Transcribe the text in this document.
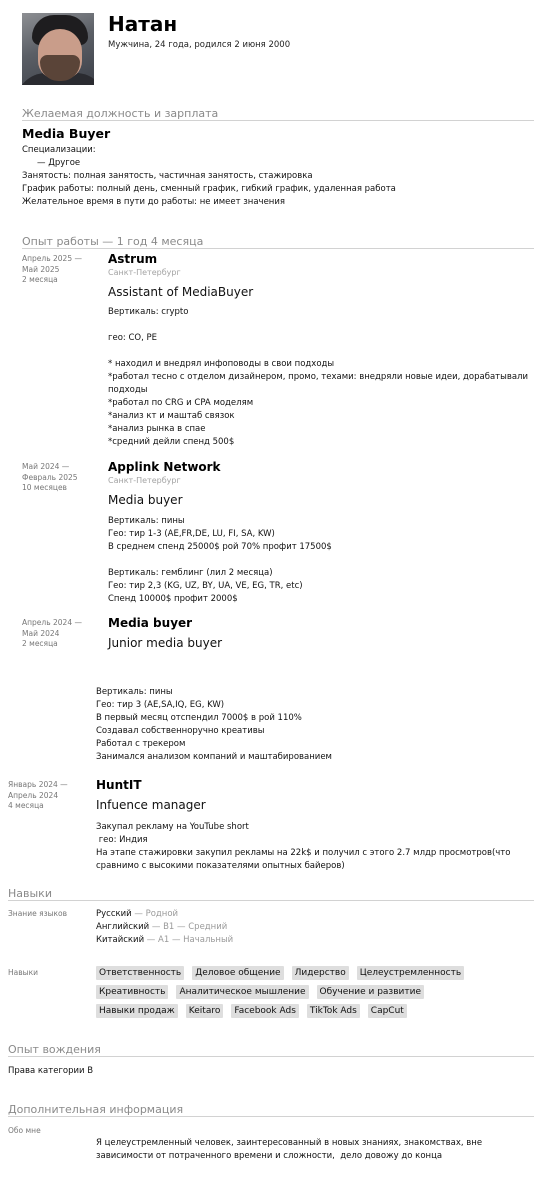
Натан
Мужчина, 24 года, родился 2 июня 2000
Желаемая должность и зарплата
Media Buyer
Специализации:
— Другое
Занятость: полная занятость, частичная занятость, стажировка
График работы: полный день, сменный график, гибкий график, удаленная работа
Желательное время в пути до работы: не имеет значения
Опыт работы — 1 год 4 месяца
Апрель 2025 —
Май 2025
2 месяца
Astrum
Санкт-Петербург
Assistant of MediaBuyer
Вертикаль: crypto

гео: CO, PE

* находил и внедрял инфоповоды в свои подходы
*работал тесно с отделом дизайнером, промо, техами: внедряли новые идеи, дорабатывали
подходы
*работал по CRG и CPA моделям
*анализ кт и маштаб связок
*анализ рынка в спае
*средний дейли спенд 500$
Май 2024 —
Февраль 2025
10 месяцев
Applink Network
Санкт-Петербург
Media buyer
Вертикаль: пины
Гео: тир 1-3 (AE,FR,DE, LU, FI, SA, KW)
В среднем спенд 25000$ рой 70% профит 17500$

Вертикаль: гемблинг (лил 2 месяца)
Гео: тир 2,3 (KG, UZ, BY, UA, VE, EG, TR, etc)
Спенд 10000$ профит 2000$
Апрель 2024 —
Май 2024
2 месяца
Media buyer
Junior media buyer
Вертикаль: пины
Гео: тир 3 (AE,SA,IQ, EG, KW)
В первый месяц отспендил 7000$ в рой 110%
Создавал собственноручно креативы
Работал с трекером
Занимался анализом компаний и маштабированием
Январь 2024 —
Апрель 2024
4 месяца
HuntIT
Infuence manager
Закупал рекламу на YouTube short
гео: Индия
На этапе стажировки закупил рекламы на 22k$ и получил с этого 2.7 млдр просмотров(что
сравнимо с высокими показателями опытных байеров)
Навыки
Знание языков	Русский — Родной
Английский — B1 — Средний
Китайский — A1 — Начальный
Навыки	Ответственность	Деловое общение	Лидерство	Целеустремленность
Креативность	Аналитическое мышление	Обучение и развитие
Навыки продаж	Keitaro	Facebook Ads	TikTok Ads	CapCut
Опыт вождения
Права категории B
Дополнительная информация
Обо мне
Я целеустремленный человек, заинтересованный в новых знаниях, знакомствах, вне
зависимости от потраченного времени и сложности,  дело довожу до конца
